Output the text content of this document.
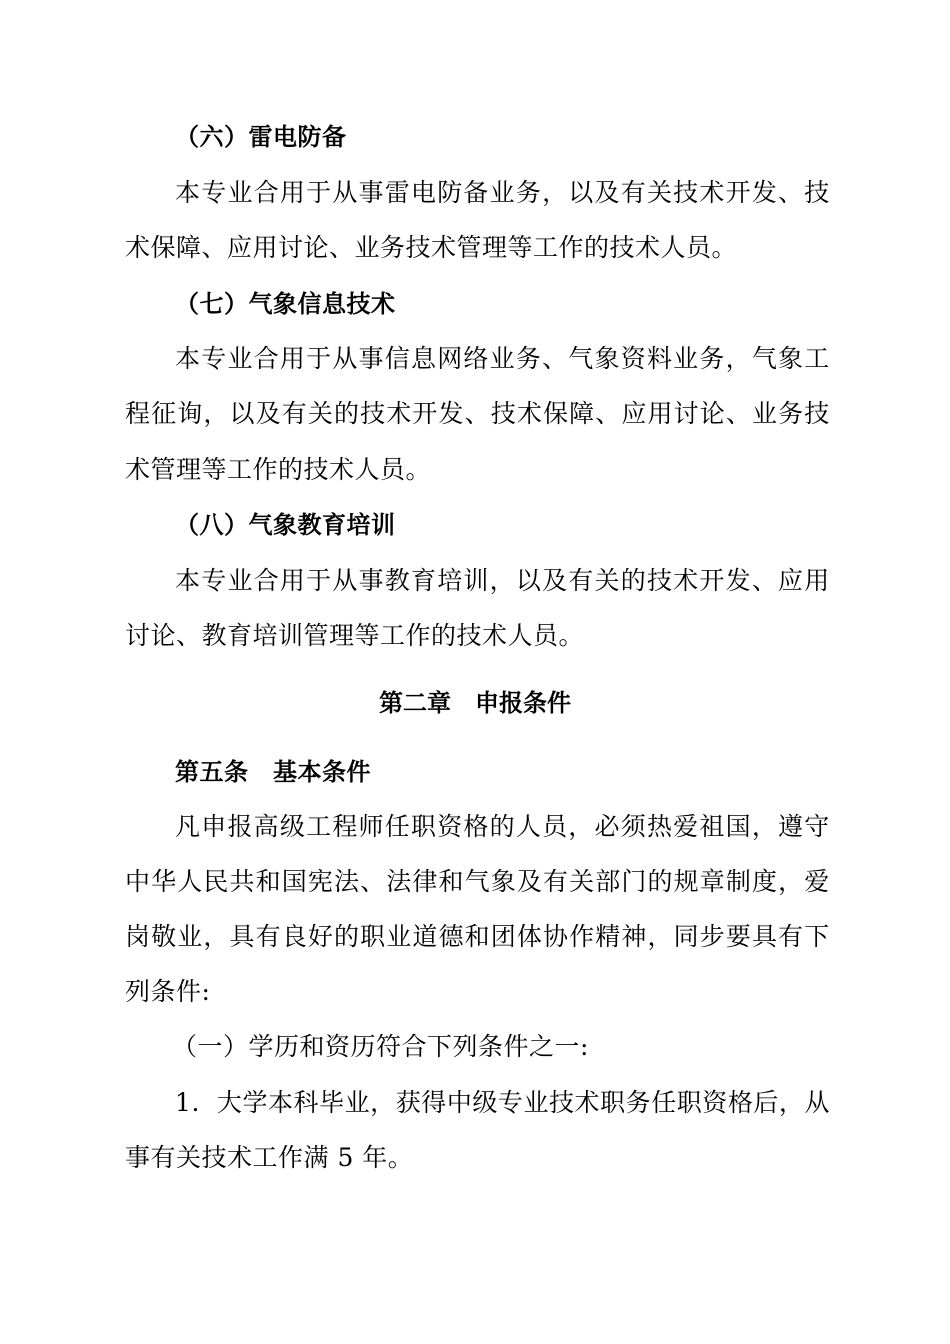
（六）雷电防备
本 专 业 合 用 于 从 事 雷 电 防 备 业 务 ， 以 及 有 关 技 术 开 发 、 技
术保障、应用讨论、业务技术管理等工作的技术人员。
（七）气象信息技术
本 专 业 合 用 于 从 事 信 息 网 络 业 务 、 气 象 资 料 业 务 ， 气 象 工
程 征 询 ， 以 及 有 关 的 技 术 开 发 、 技 术 保 障 、 应 用 讨 论 、 业 务 技
术管理等工作的技术人员。
（八）气象教育培训
本 专 业 合 用 于 从 事 教 育 培 训 ， 以 及 有 关 的 技 术 开 发 、 应 用
讨论、教育培训管理等工作的技术人员。
第二章　申报条件
第五条　基本条件
凡 申 报 高 级 工 程 师 任 职 资 格 的 人 员 ， 必 须 热 爱 祖 国 ， 遵 守
中 华 人 民 共 和 国 宪 法 、 法 律 和 气 象 及 有 关 部 门 的 规 章 制 度 ， 爱
岗 敬 业 ， 具 有 良 好 的 职 业 道 德 和 团 体 协 作 精 神 ， 同 步 要 具 有 下
列条件:
（一）学历和资历符合下列条件之一:
1 .

大 学 本 科 毕 业 ， 获 得 中 级 专 业 技 术 职 务 任 职 资 格 后 ， 从
事有关技术工作满 5 年。
